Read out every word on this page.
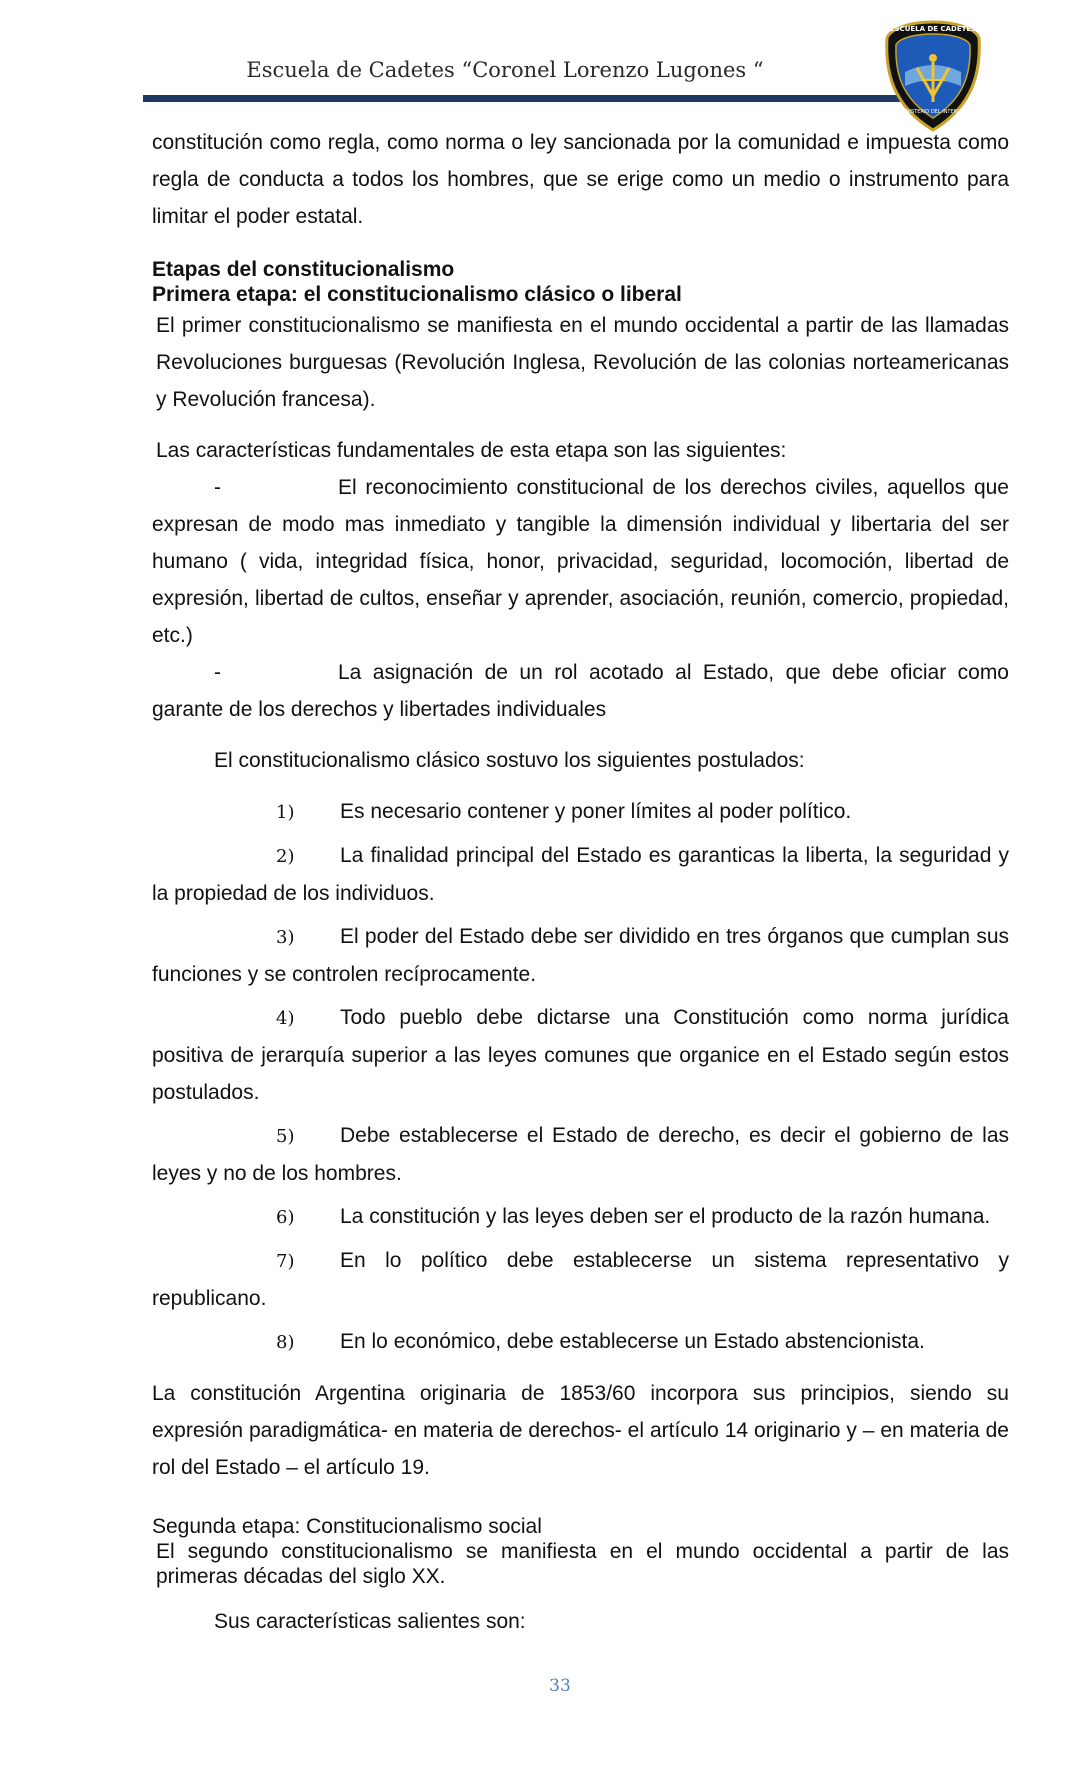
Escuela de Cadetes “Coronel Lorenzo Lugones “
ESCUELA DE CADETES
MINISTERIO DEL INTERIOR

constitución como regla, como norma o ley sancionada por la comunidad e impuesta como regla de conducta a todos los hombres, que se erige como un medio o instrumento para limitar el poder estatal.

Etapas del constitucionalismo

Primera etapa: el constitucionalismo clásico o liberal

El primer constitucionalismo se manifiesta en el mundo occidental a partir de las llamadas Revoluciones burguesas (Revolución Inglesa, Revolución de las colonias norteamericanas y Revolución francesa).

Las características fundamentales de esta etapa son las siguientes:

-	El reconocimiento constitucional de los derechos civiles, aquellos que expresan de modo mas inmediato y tangible la dimensión individual y libertaria del ser humano ( vida, integridad física, honor, privacidad, seguridad, locomoción, libertad de expresión, libertad de cultos, enseñar y aprender, asociación, reunión, comercio, propiedad, etc.)

-	La asignación de un rol acotado al Estado, que debe oficiar como garante de los derechos y libertades individuales

El constitucionalismo clásico sostuvo los siguientes postulados:

1) Es necesario contener y poner límites al poder político.

2) La finalidad principal del Estado es garanticas la liberta, la seguridad y la propiedad de los individuos.

3) El poder del Estado debe ser dividido en tres órganos que cumplan sus funciones y se controlen recíprocamente.

4) Todo pueblo debe dictarse una Constitución como norma jurídica positiva de jerarquía superior a las leyes comunes que organice en el Estado según estos postulados.

5) Debe establecerse el Estado de derecho, es decir el gobierno de las leyes y no de los hombres.

6) La constitución y las leyes deben ser el producto de la razón humana.

7) En lo político debe establecerse un sistema representativo y republicano.

8) En lo económico, debe establecerse un Estado abstencionista.

La constitución Argentina originaria de 1853/60 incorpora sus principios, siendo su expresión paradigmática- en materia de derechos- el artículo 14 originario y – en materia de rol del Estado – el artículo 19.

Segunda etapa: Constitucionalismo social

El segundo constitucionalismo se manifiesta en el mundo occidental a partir de las primeras décadas del siglo XX.

Sus características salientes son:

33
